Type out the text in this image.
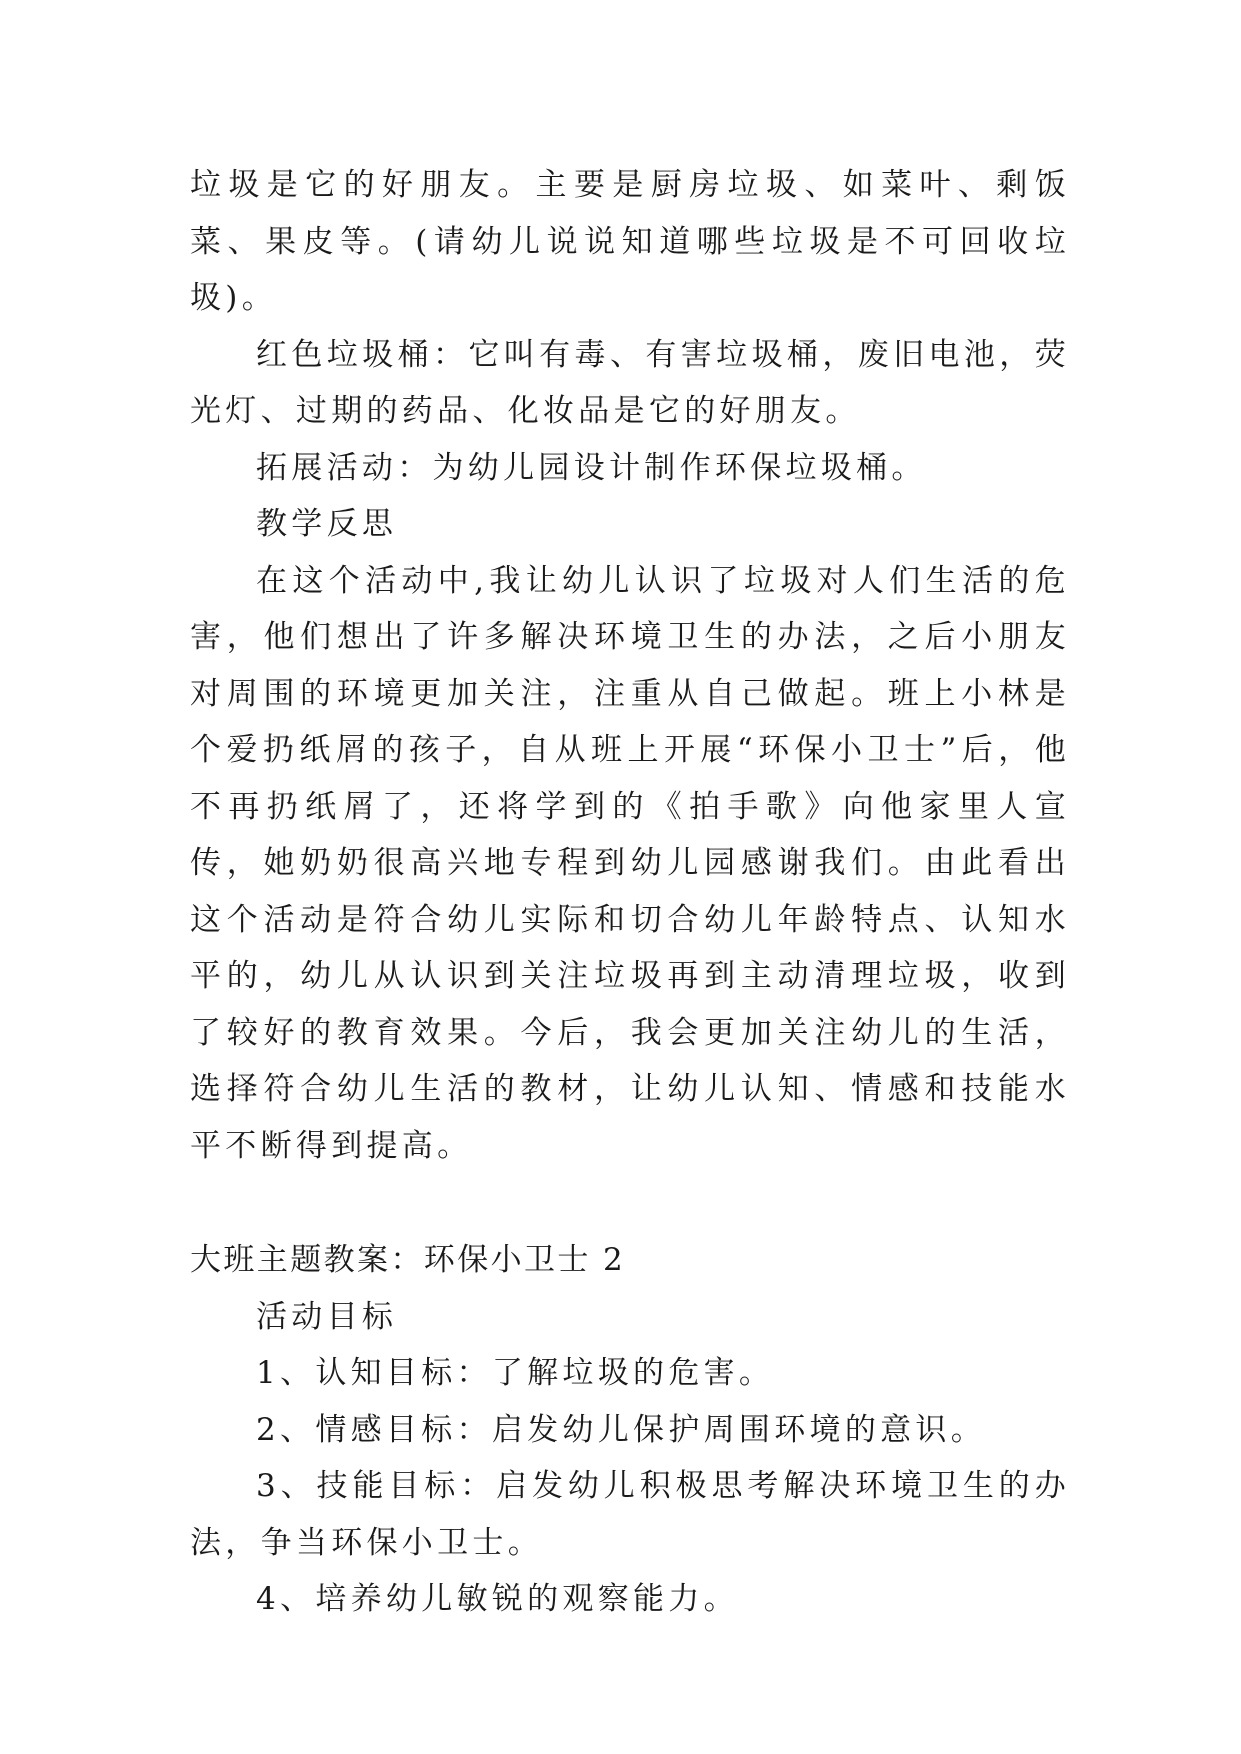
垃圾是它的好朋友。主要是厨房垃圾、如菜叶、剩饭菜、果皮等。(请幼儿说说知道哪些垃圾是不可回收垃圾)。

红色垃圾桶：它叫有毒、有害垃圾桶，废旧电池，荧光灯、过期的药品、化妆品是它的好朋友。

拓展活动：为幼儿园设计制作环保垃圾桶。

教学反思

在这个活动中,我让幼儿认识了垃圾对人们生活的危害，他们想出了许多解决环境卫生的办法，之后小朋友对周围的环境更加关注，注重从自己做起。班上小林是个爱扔纸屑的孩子，自从班上开展“环保小卫士”后，他不再扔纸屑了，还将学到的《拍手歌》向他家里人宣传，她奶奶很高兴地专程到幼儿园感谢我们。由此看出这个活动是符合幼儿实际和切合幼儿年龄特点、认知水平的，幼儿从认识到关注垃圾再到主动清理垃圾，收到了较好的教育效果。今后，我会更加关注幼儿的生活，选择符合幼儿生活的教材，让幼儿认知、情感和技能水平不断得到提高。

大班主题教案：环保小卫士 2

活动目标

1、认知目标：了解垃圾的危害。

2、情感目标：启发幼儿保护周围环境的意识。

3、技能目标：启发幼儿积极思考解决环境卫生的办法，争当环保小卫士。

4、培养幼儿敏锐的观察能力。
